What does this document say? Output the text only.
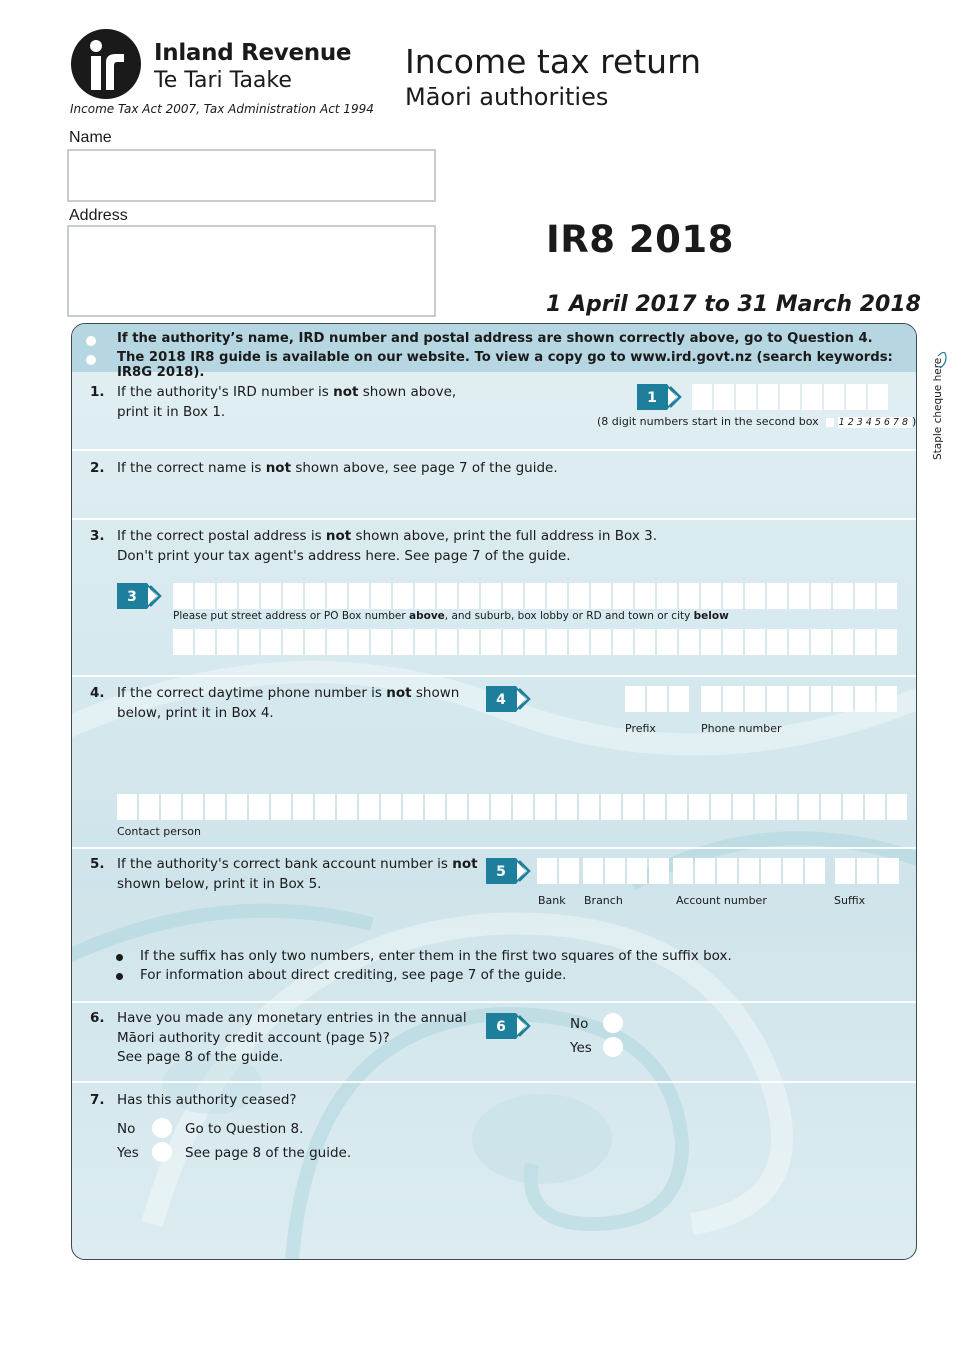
Inland Revenue
Te Tari Taake
Income Tax Act 2007, Tax Administration Act 1994
Income tax return
Māori authorities
Name
Address
IR8 2018
1 April 2017 to 31 March 2018
Staple cheque here
If the authority’s name, IRD number and postal address are shown correctly above, go to Question 4.
The 2018 IR8 guide is available on our website. To view a copy go to www.ird.govt.nz (search keywords: IR8G 2018).
1. If the authority's IRD number is not shown above,
print it in Box 1.
1
(8 digit numbers start in the second box 12345678)
2. If the correct name is not shown above, see page 7 of the guide.
3. If the correct postal address is not shown above, print the full address in Box 3.
Don't print your tax agent's address here. See page 7 of the guide.
3
Please put street address or PO Box number above, and suburb, box lobby or RD and town or city below
4. If the correct daytime phone number is not shown
below, print it in Box 4.
4
Prefix	Phone number
Contact person
5. If the authority's correct bank account number is not
shown below, print it in Box 5.
5
Bank Branch	Account number	Suffix
If the suffix has only two numbers, enter them in the first two squares of the suffix box.
For information about direct crediting, see page 7 of the guide.
6. Have you made any monetary entries in the annual
Māori authority credit account (page 5)?
See page 8 of the guide.
6	No
Yes
7. Has this authority ceased?
No	Go to Question 8.
Yes	See page 8 of the guide.
